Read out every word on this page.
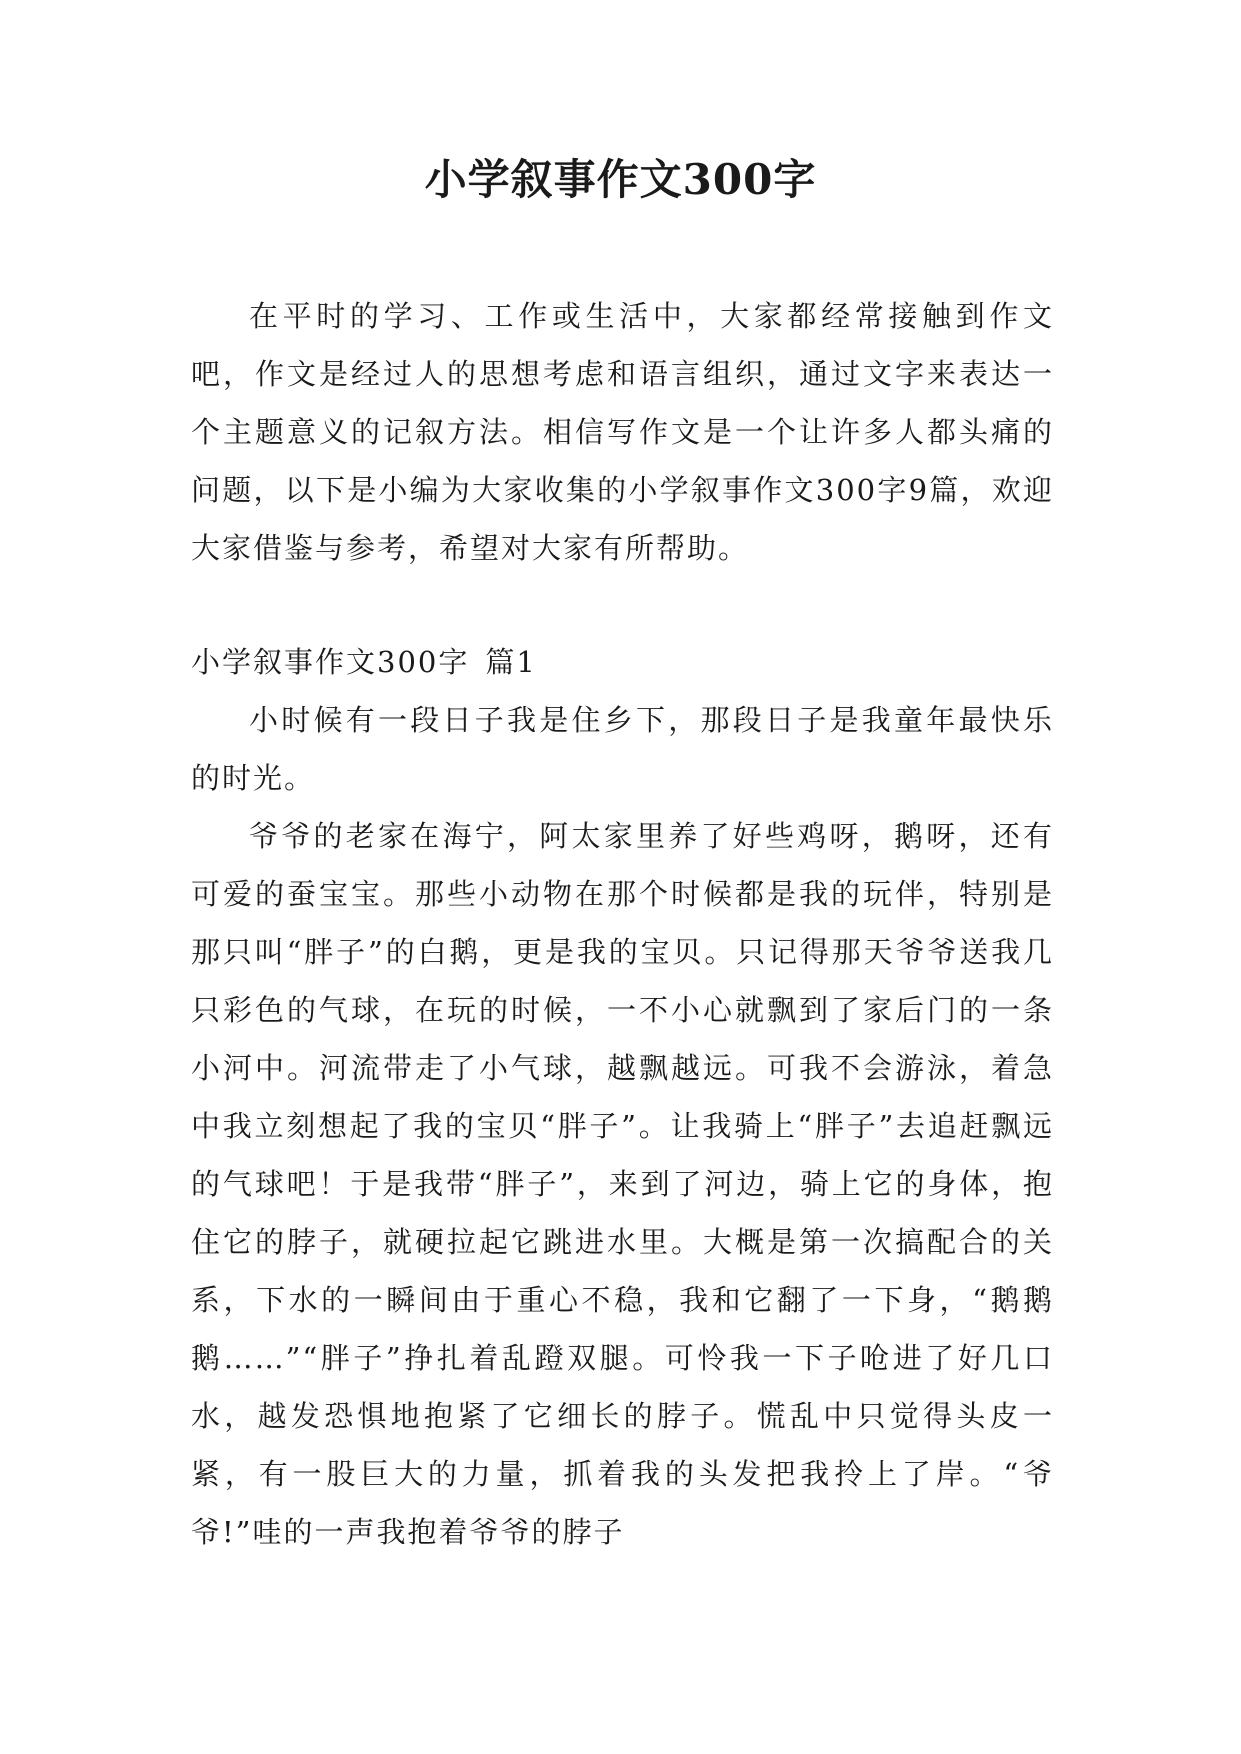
小学叙事作文300字

在平时的学习、工作或生活中，大家都经常接触到作文吧，作文是经过人的思想考虑和语言组织，通过文字来表达一个主题意义的记叙方法。相信写作文是一个让许多人都头痛的问题，以下是小编为大家收集的小学叙事作文300字9篇，欢迎大家借鉴与参考，希望对大家有所帮助。

小学叙事作文300字 篇1

小时候有一段日子我是住乡下，那段日子是我童年最快乐的时光。

爷爷的老家在海宁，阿太家里养了好些鸡呀，鹅呀，还有可爱的蚕宝宝。那些小动物在那个时候都是我的玩伴，特别是那只叫“胖子”的白鹅，更是我的宝贝。只记得那天爷爷送我几只彩色的气球，在玩的时候，一不小心就飘到了家后门的一条小河中。河流带走了小气球，越飘越远。可我不会游泳，着急中我立刻想起了我的宝贝“胖子”。让我骑上“胖子”去追赶飘远的气球吧！于是我带“胖子”，来到了河边，骑上它的身体，抱住它的脖子，就硬拉起它跳进水里。大概是第一次搞配合的关系，下水的一瞬间由于重心不稳，我和它翻了一下身，“鹅鹅鹅……”“胖子”挣扎着乱蹬双腿。可怜我一下子呛进了好几口水，越发恐惧地抱紧了它细长的脖子。慌乱中只觉得头皮一紧，有一股巨大的力量，抓着我的头发把我拎上了岸。“爷爷!”哇的一声我抱着爷爷的脖子
